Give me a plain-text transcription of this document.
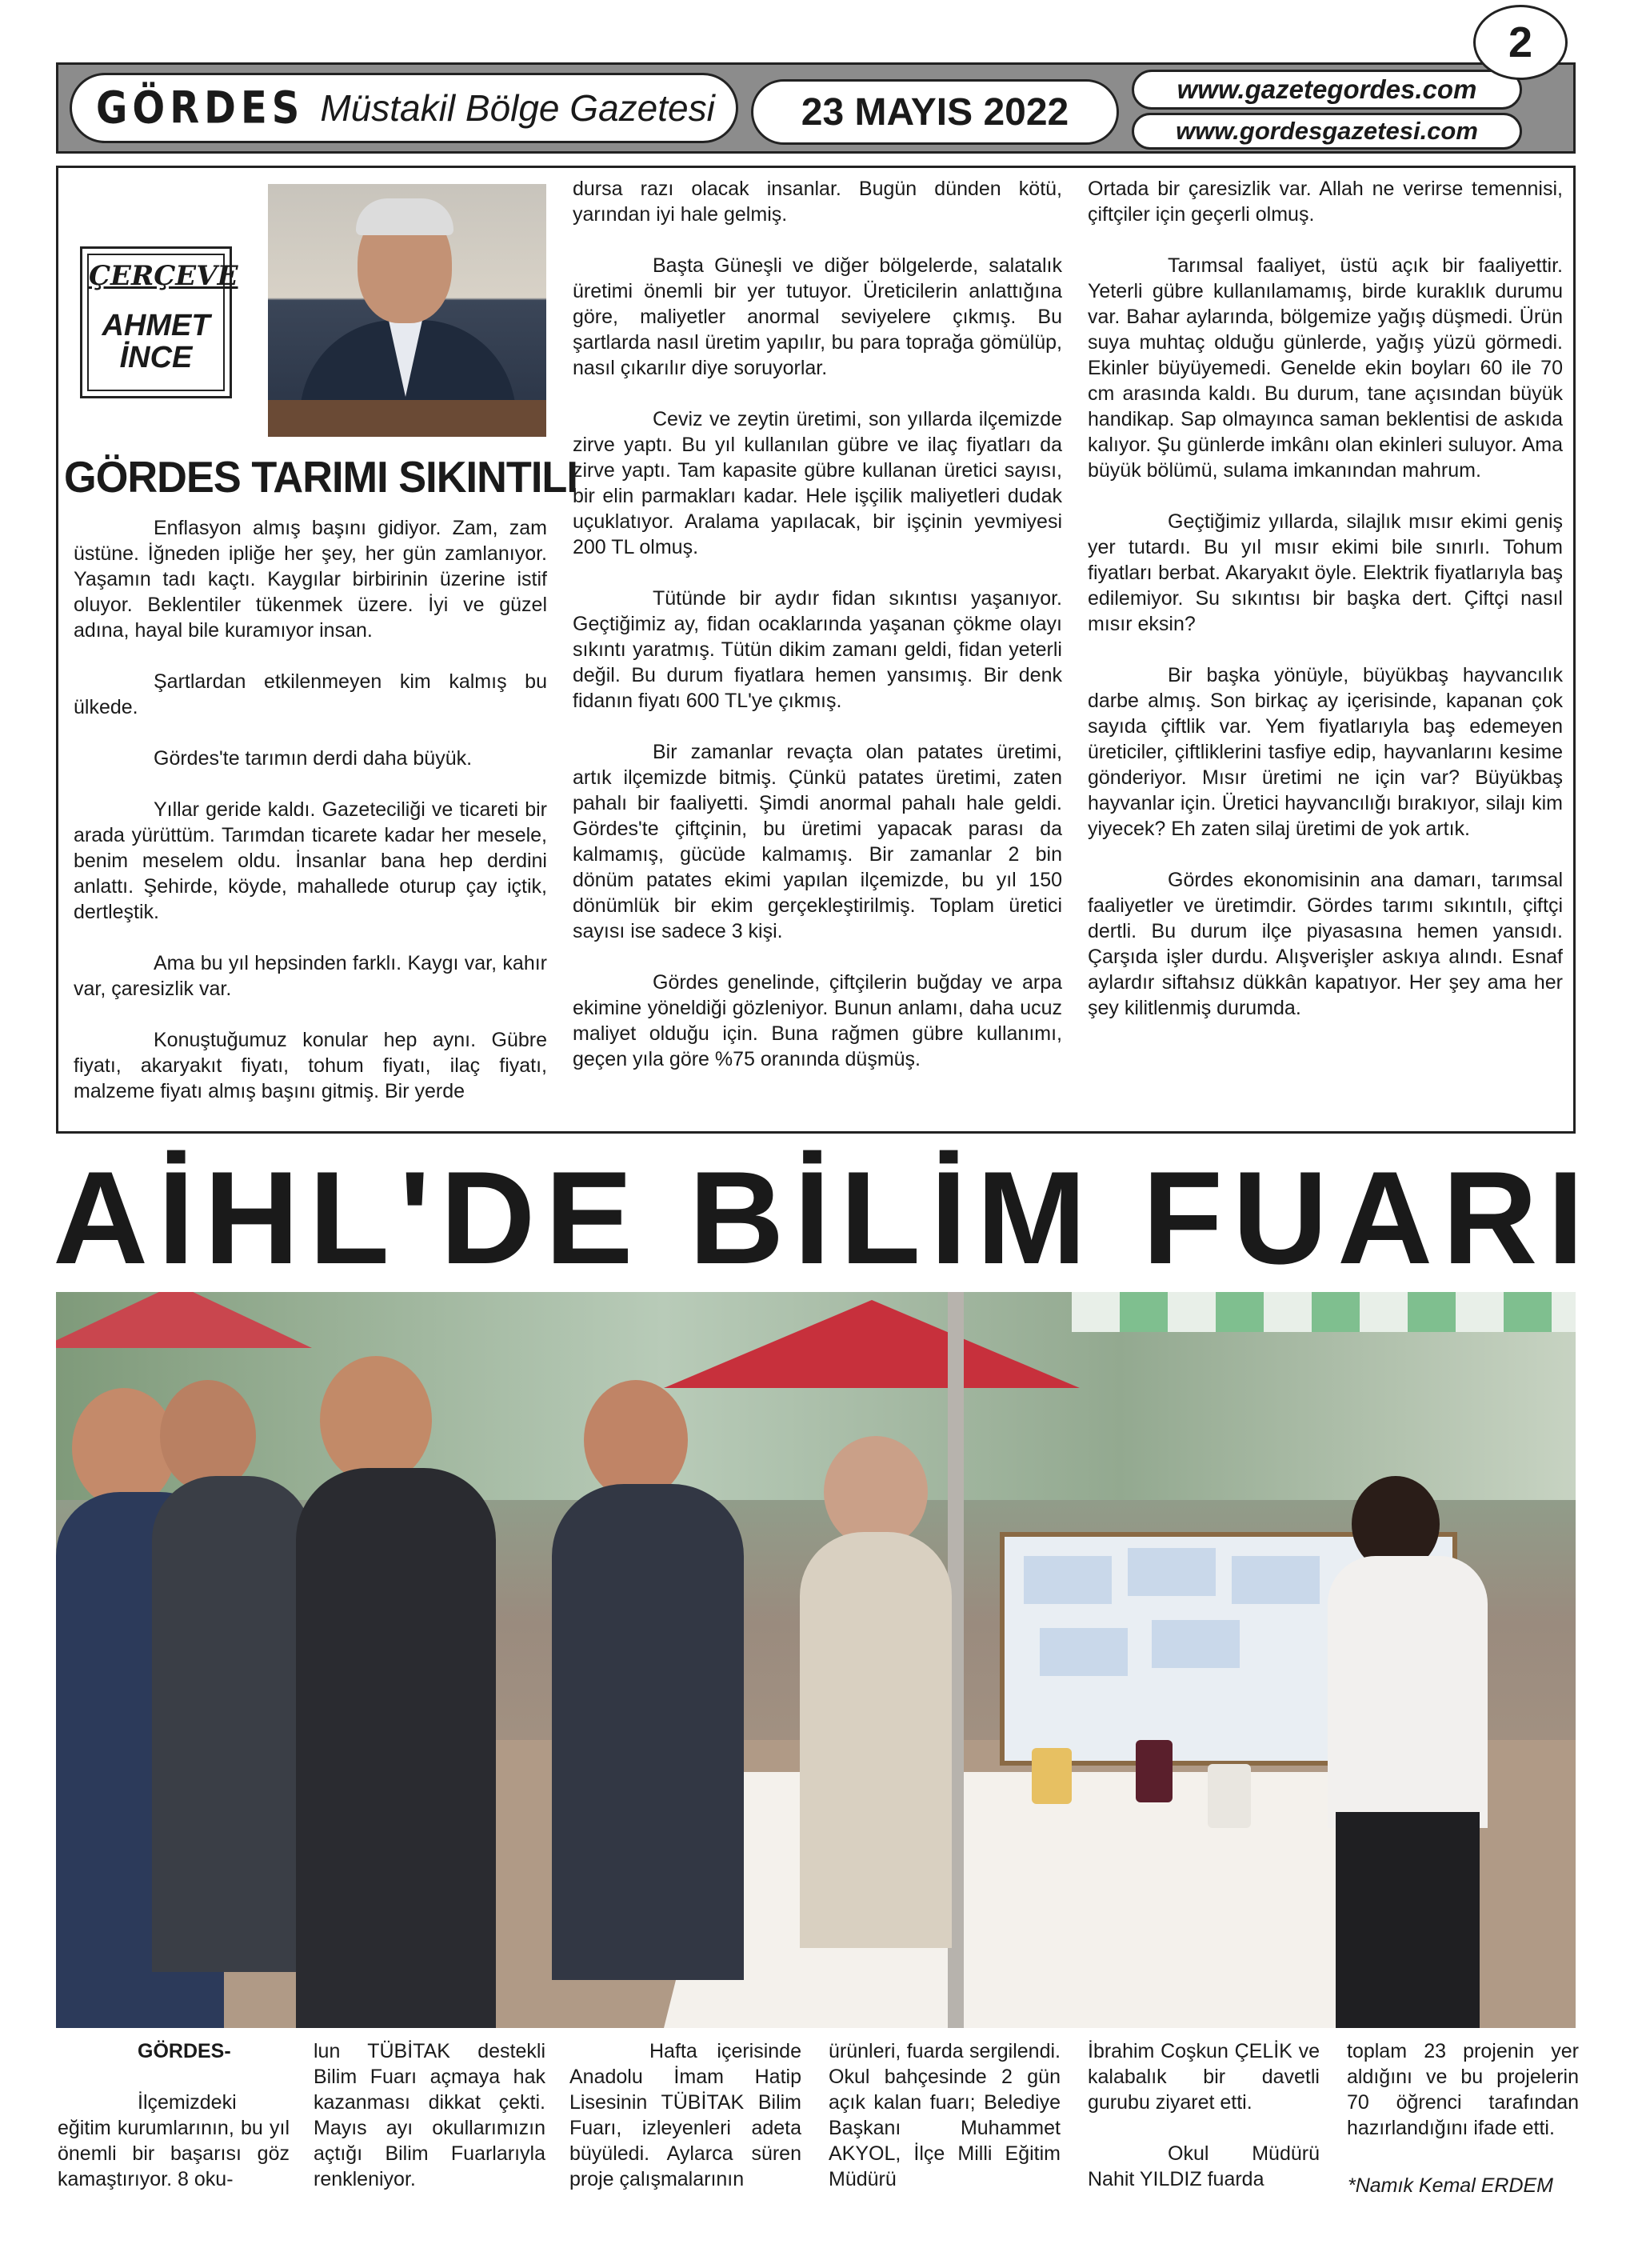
GÖRDES Müstakil Bölge Gazetesi	23 MAYIS 2022
www.gazetegordes.com
www.gordesgazetesi.com
2
ÇERÇEVE
AHMET
İNCE
GÖRDES TARIMI SIKINTILI

Enflasyon almış başını gidiyor. Zam, zam üstüne. İğneden ipliğe her şey, her gün zamlanıyor. Yaşamın tadı kaçtı. Kaygılar birbirinin üzerine istif oluyor. Beklentiler tükenmek üzere. İyi ve güzel adına, hayal bile kuramıyor insan.

Şartlardan etkilenmeyen kim kalmış bu ülkede.

Gördes'te tarımın derdi daha büyük.

Yıllar geride kaldı. Gazeteciliği ve ticareti bir arada yürüttüm. Tarımdan ticarete kadar her mesele, benim meselem oldu. İnsanlar bana hep derdini anlattı. Şehirde, köyde, mahallede oturup çay içtik, dertleştik.

Ama bu yıl hepsinden farklı. Kaygı var, kahır var, çaresizlik var.

Konuştuğumuz konular hep aynı. Gübre fiyatı, akaryakıt fiyatı, tohum fiyatı, ilaç fiyatı, malzeme fiyatı almış başını gitmiş. Bir yerde

dursa razı olacak insanlar. Bugün dünden kötü, yarından iyi hale gelmiş.

Başta Güneşli ve diğer bölgelerde, salatalık üretimi önemli bir yer tutuyor. Üreticilerin anlattığına göre, maliyetler anormal seviyelere çıkmış. Bu şartlarda nasıl üretim yapılır, bu para toprağa gömülüp, nasıl çıkarılır diye soruyorlar.

Ceviz ve zeytin üretimi, son yıllarda ilçemizde zirve yaptı. Bu yıl kullanılan gübre ve ilaç fiyatları da zirve yaptı. Tam kapasite gübre kullanan üretici sayısı, bir elin parmakları kadar. Hele işçilik maliyetleri dudak uçuklatıyor. Aralama yapılacak, bir işçinin yevmiyesi 200 TL olmuş.

Tütünde bir aydır fidan sıkıntısı yaşanıyor. Geçtiğimiz ay, fidan ocaklarında yaşanan çökme olayı sıkıntı yaratmış. Tütün dikim zamanı geldi, fidan yeterli değil. Bu durum fiyatlara hemen yansımış. Bir denk fidanın fiyatı 600 TL'ye çıkmış.

Bir zamanlar revaçta olan patates üretimi, artık ilçemizde bitmiş. Çünkü patates üretimi, zaten pahalı bir faaliyetti. Şimdi anormal pahalı hale geldi. Gördes'te çiftçinin, bu üretimi yapacak parası da kalmamış, gücüde kalmamış. Bir zamanlar 2 bin dönüm patates ekimi yapılan ilçemizde, bu yıl 150 dönümlük bir ekim gerçekleştirilmiş. Toplam üretici sayısı ise sadece 3 kişi.

Gördes genelinde, çiftçilerin buğday ve arpa ekimine yöneldiği gözleniyor. Bunun anlamı, daha ucuz maliyet olduğu için. Buna rağmen gübre kullanımı, geçen yıla göre %75 oranında düşmüş.

Ortada bir çaresizlik var. Allah ne verirse temennisi, çiftçiler için geçerli olmuş.

Tarımsal faaliyet, üstü açık bir faaliyettir. Yeterli gübre kullanılamamış, birde kuraklık durumu var. Bahar aylarında, bölgemize yağış düşmedi. Ürün suya muhtaç olduğu günlerde, yağış yüzü görmedi. Ekinler büyüyemedi. Genelde ekin boyları 60 ile 70 cm arasında kaldı. Bu durum, tane açısından büyük handikap. Sap olmayınca saman beklentisi de askıda kalıyor. Şu günlerde imkânı olan ekinleri suluyor. Ama büyük bölümü, sulama imkanından mahrum.

Geçtiğimiz yıllarda, silajlık mısır ekimi geniş yer tutardı. Bu yıl mısır ekimi bile sınırlı. Tohum fiyatları berbat. Akaryakıt öyle. Elektrik fiyatlarıyla baş edilemiyor. Su sıkıntısı bir başka dert. Çiftçi nasıl mısır eksin?

Bir başka yönüyle, büyükbaş hayvancılık darbe almış. Son birkaç ay içerisinde, kapanan çok sayıda çiftlik var. Yem fiyatlarıyla baş edemeyen üreticiler, çiftliklerini tasfiye edip, hayvanlarını kesime gönderiyor. Mısır üretimi ne için var? Büyükbaş hayvanlar için. Üretici hayvancılığı bırakıyor, silajı kim yiyecek? Eh zaten silaj üretimi de yok artık.

Gördes ekonomisinin ana damarı, tarımsal faaliyetler ve üretimdir. Gördes tarımı sıkıntılı, çiftçi dertli. Bu durum ilçe piyasasına hemen yansıdı. Çarşıda işler durdu. Alışverişler askıya alındı. Esnaf aylardır siftahsız dükkân kapatıyor. Her şey ama her şey kilitlenmiş durumda.

AİHL'DE BİLİM FUARI

GÖRDES-

İlçemizdeki eğitim kurumlarının, bu yıl önemli bir başarısı göz kamaştırıyor. 8 oku-

lun TÜBİTAK destekli Bilim Fuarı açmaya hak kazanması dikkat çekti. Mayıs ayı okullarımızın açtığı Bilim Fuarlarıyla renkleniyor.

Hafta içerisinde Anadolu İmam Hatip Lisesinin TÜBİTAK Bilim Fuarı, izleyenleri adeta büyüledi. Aylarca süren proje çalışmalarının

ürünleri, fuarda sergilendi. Okul bahçesinde 2 gün açık kalan fuarı; Belediye Başkanı Muhammet AKYOL, İlçe Milli Eğitim Müdürü

İbrahim Coşkun ÇELİK ve kalabalık bir davetli gurubu ziyaret etti.

Okul Müdürü Nahit YILDIZ fuarda

toplam 23 projenin yer aldığını ve bu projelerin 70 öğrenci tarafından hazırlandığını ifade etti.

*Namık Kemal ERDEM
